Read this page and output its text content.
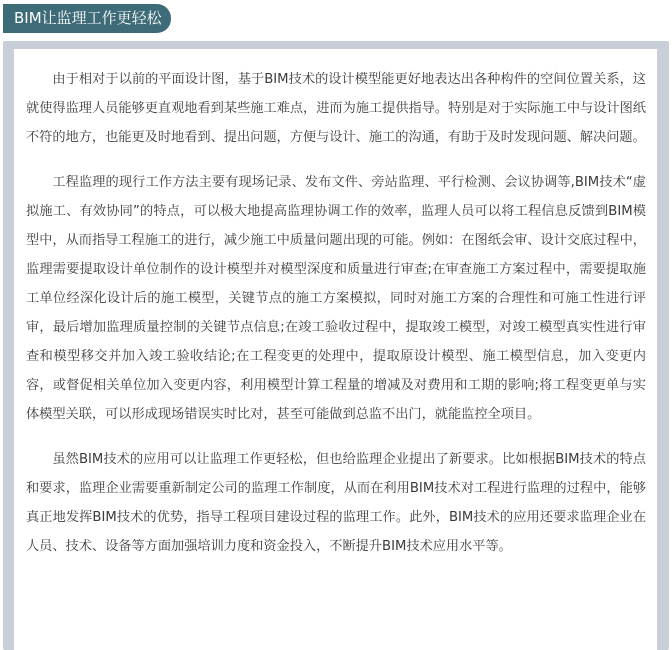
BIM让监理工作更轻松

由于相对于以前的平面设计图，基于BIM技术的设计模型能更好地表达出各种构件的空间位置关系，这就使得监理人员能够更直观地看到某些施工难点，进而为施工提供指导。特别是对于实际施工中与设计图纸不符的地方，也能更及时地看到、提出问题，方便与设计、施工的沟通，有助于及时发现问题、解决问题。

工程监理的现行工作方法主要有现场记录、发布文件、旁站监理、平行检测、会议协调等,BIM技术“虚拟施工、有效协同”的特点，可以极大地提高监理协调工作的效率，监理人员可以将工程信息反馈到BIM模型中，从而指导工程施工的进行，减少施工中质量问题出现的可能。例如：在图纸会审、设计交底过程中，监理需要提取设计单位制作的设计模型并对模型深度和质量进行审查;在审查施工方案过程中，需要提取施工单位经深化设计后的施工模型，关键节点的施工方案模拟，同时对施工方案的合理性和可施工性进行评审，最后增加监理质量控制的关键节点信息;在竣工验收过程中，提取竣工模型，对竣工模型真实性进行审查和模型移交并加入竣工验收结论;在工程变更的处理中，提取原设计模型、施工模型信息，加入变更内容，或督促相关单位加入变更内容，利用模型计算工程量的增减及对费用和工期的影响;将工程变更单与实体模型关联，可以形成现场错误实时比对，甚至可能做到总监不出门，就能监控全项目。

虽然BIM技术的应用可以让监理工作更轻松，但也给监理企业提出了新要求。比如根据BIM技术的特点和要求，监理企业需要重新制定公司的监理工作制度，从而在利用BIM技术对工程进行监理的过程中，能够真正地发挥BIM技术的优势，指导工程项目建设过程的监理工作。此外，BIM技术的应用还要求监理企业在人员、技术、设备等方面加强培训力度和资金投入，不断提升BIM技术应用水平等。
